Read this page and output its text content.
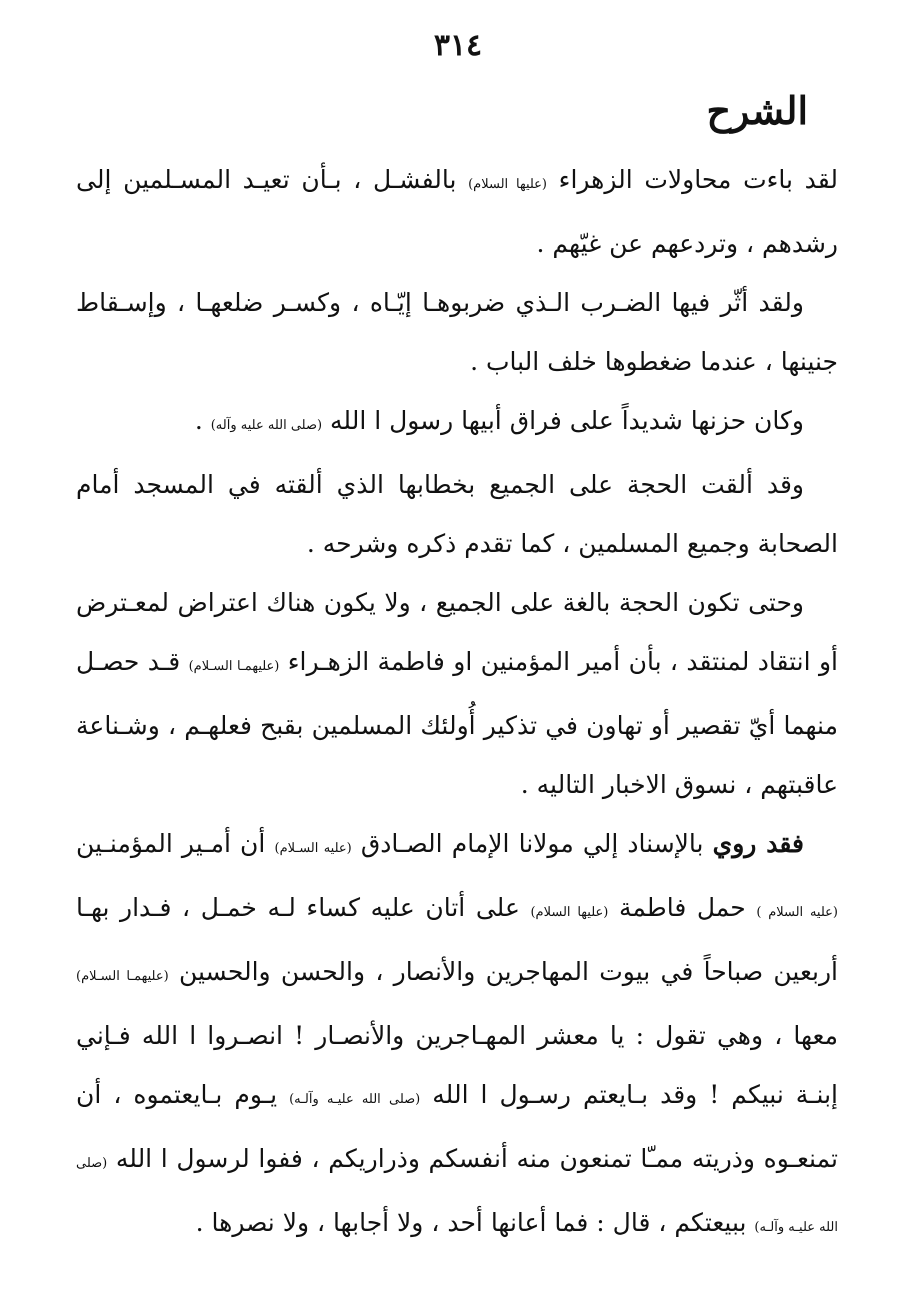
٣١٤
الشرح

لقد باءت محاولات الزهراء (عليها السلام) بالفشـل ، بـأن تعيـد المسـلمين إلى رشدهم ، وتردعهم عن غيّهم .

ولقد أثّر فيها الضـرب الـذي ضربوهـا إيّـاه ، وكسـر ضلعهـا ، وإسـقاط جنينها ، عندما ضغطوها خلف الباب .

وكان حزنها شديداً على فراق أبيها رسول ا الله (صلى الله عليه وآله) .

وقد ألقت الحجة على الجميع بخطابها الذي ألقته في المسجد أمام الصحابة وجميع المسلمين ، كما تقدم ذكره وشرحه .

وحتى تكون الحجة بالغة على الجميع ، ولا يكون هناك اعتراض لمعـترض أو انتقاد لمنتقد ، بأن أمير المؤمنين او فاطمة الزهـراء (عليهمـا السـلام) قـد حصـل منهما أيّ تقصير أو تهاون في تذكير أُولئك المسلمين بقبح فعلهـم ، وشـناعة عاقبتهم ، نسوق الاخبار التاليه .

فقد روي بالإسناد إلي مولانا الإمام الصـادق (عليه السـلام) أن أمـير المؤمنـين (عليه السلام ) حمل فاطمة (عليها السلام) على أتان عليه كساء لـه خمـل ، فـدار بهـا أربعين صباحاً في بيوت المهاجرين والأنصار ، والحسن والحسين (عليهمـا السـلام) معها ، وهي تقول : يا معشر المهـاجرين والأنصـار ! انصـروا ا الله فـإني إبنـة نبيكم ! وقد بـايعتم رسـول ا الله (صلى الله عليـه وآلـه) يـوم بـايعتموه ، أن تمنعـوه وذريته ممـّا تمنعون منه أنفسكم وذراريكم ، ففوا لرسول ا الله (صلى الله عليـه وآلـه) ببيعتكم ، قال : فما أعانها أحد ، ولا أجابها ، ولا نصرها .
